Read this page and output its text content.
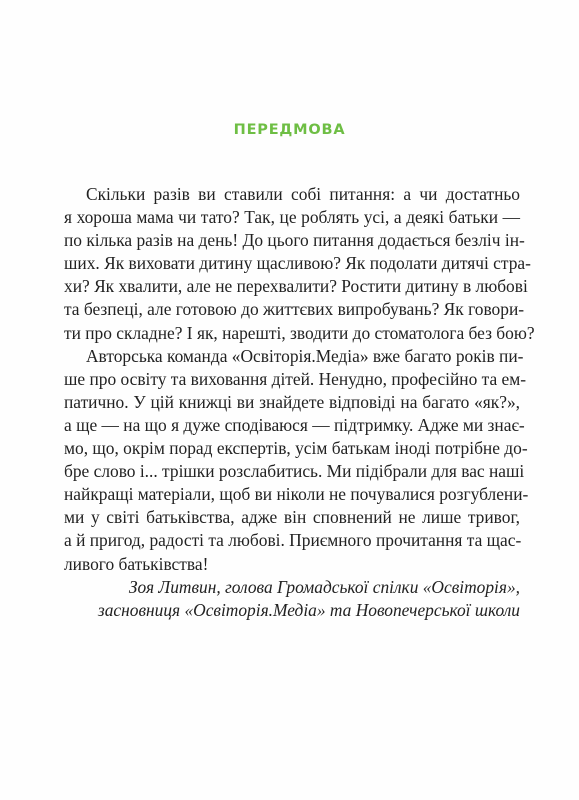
ПЕРЕДМОВА

Скільки разів ви ставили собі питання: а чи достатньо
я хороша мама чи тато? Так, це роблять усі, а деякі батьки —
по кілька разів на день! До цього питання додається безліч ін-
ших. Як виховати дитину щасливою? Як подолати дитячі стра-
хи? Як хвалити, але не перехвалити? Ростити дитину в любові
та безпеці, але готовою до життєвих випробувань? Як говори-
ти про складне? І як, нарешті, зводити до стоматолога без бою?

Авторська команда «Освіторія.Медіа» вже багато років пи-
ше про освіту та виховання дітей. Ненудно, професійно та ем-
патично. У цій книжці ви знайдете відповіді на багато «як?»,
а ще — на що я дуже сподіваюся — підтримку. Адже ми знає-
мо, що, окрім порад експертів, усім батькам іноді потрібне до-
бре слово і... трішки розслабитись. Ми підібрали для вас наші
найкращі матеріали, щоб ви ніколи не почувалися розгублени-
ми у світі батьківства, адже він сповнений не лише тривог,
а й пригод, радості та любові. Приємного прочитання та щас-
ливого батьківства!

Зоя Литвин, голова Громадської спілки «Освіторія»,
засновниця «Освіторія.Медіа» та Новопечерської школи
